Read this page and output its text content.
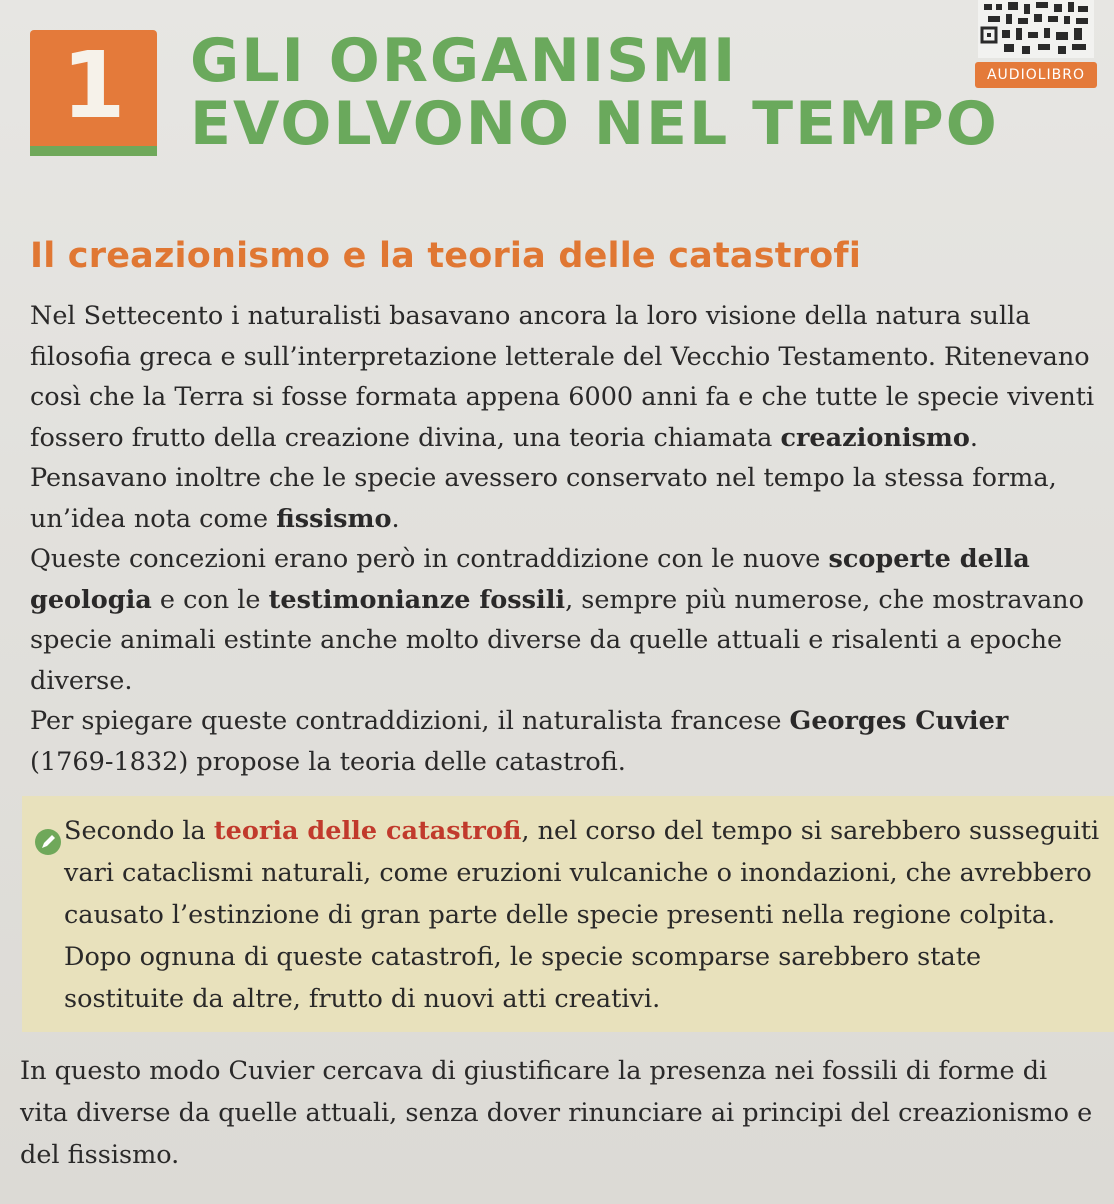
1 GLI ORGANISMI
EVOLVONO NEL TEMPO
AUDIOLIBRO
Il creazionismo e la teoria delle catastrofi

Nel Settecento i naturalisti basavano ancora la loro visione della natura sulla filosofia greca e sull’interpretazione letterale del Vecchio Testamento. Ritenevano così che la Terra si fosse formata appena 6000 anni fa e che tutte le specie viventi fossero frutto della creazione divina, una teoria chiamata creazionismo. Pensavano inoltre che le specie avessero conservato nel tempo la stessa forma, un’idea nota come fissismo.

Queste concezioni erano però in contraddizione con le nuove scoperte della geologia e con le testimonianze fossili, sempre più numerose, che mostravano specie animali estinte anche molto diverse da quelle attuali e risalenti a epoche diverse.

Per spiegare queste contraddizioni, il naturalista francese Georges Cuvier (1769-1832) propose la teoria delle catastrofi.

Secondo la teoria delle catastrofi, nel corso del tempo si sarebbero susseguiti vari cataclismi naturali, come eruzioni vulcaniche o inondazioni, che avrebbero causato l’estinzione di gran parte delle specie presenti nella regione colpita. Dopo ognuna di queste catastrofi, le specie scomparse sarebbero state sostituite da altre, frutto di nuovi atti creativi.

In questo modo Cuvier cercava di giustificare la presenza nei fossili di forme di vita diverse da quelle attuali, senza dover rinunciare ai principi del creazionismo e del fissismo.
